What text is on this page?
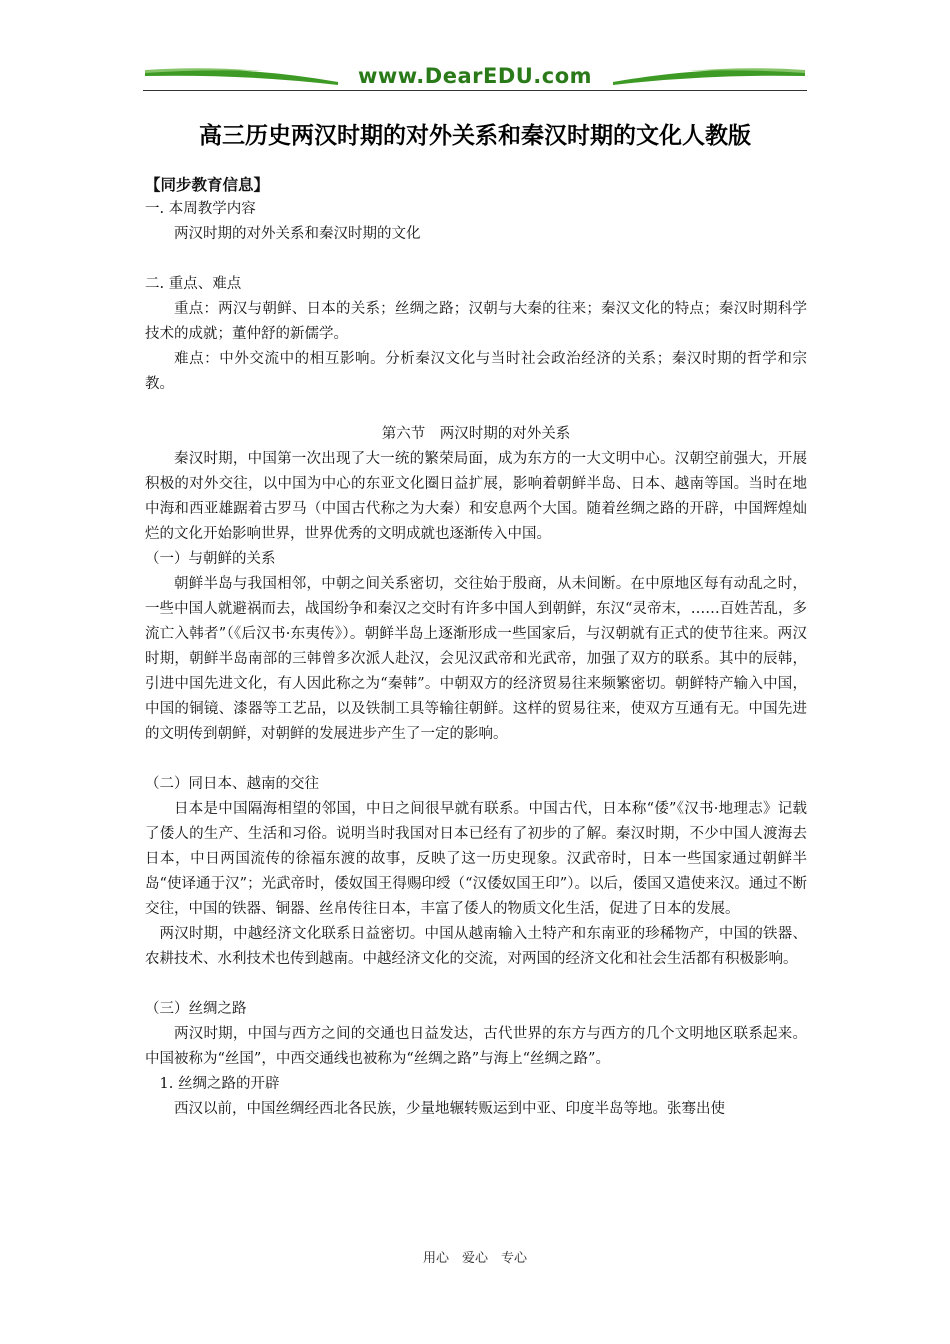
www.DearEDU.com
高三历史两汉时期的对外关系和秦汉时期的文化人教版

【同步教育信息】

一. 本周教学内容

两汉时期的对外关系和秦汉时期的文化

二. 重点、难点

重点：两汉与朝鲜、日本的关系；丝绸之路；汉朝与大秦的往来；秦汉文化的特点；秦汉时期科学技术的成就；董仲舒的新儒学。

难点：中外交流中的相互影响。分析秦汉文化与当时社会政治经济的关系；秦汉时期的哲学和宗教。

第六节　两汉时期的对外关系

秦汉时期，中国第一次出现了大一统的繁荣局面，成为东方的一大文明中心。汉朝空前强大，开展积极的对外交往，以中国为中心的东亚文化圈日益扩展，影响着朝鲜半岛、日本、越南等国。当时在地中海和西亚雄踞着古罗马（中国古代称之为大秦）和安息两个大国。随着丝绸之路的开辟，中国辉煌灿烂的文化开始影响世界，世界优秀的文明成就也逐渐传入中国。

（一）与朝鲜的关系

朝鲜半岛与我国相邻，中朝之间关系密切，交往始于殷商，从未间断。在中原地区每有动乱之时，一些中国人就避祸而去，战国纷争和秦汉之交时有许多中国人到朝鲜，东汉“灵帝末，……百姓苦乱，多流亡入韩者”（《后汉书·东夷传》）。朝鲜半岛上逐渐形成一些国家后，与汉朝就有正式的使节往来。两汉时期，朝鲜半岛南部的三韩曾多次派人赴汉，会见汉武帝和光武帝，加强了双方的联系。其中的辰韩，引进中国先进文化，有人因此称之为“秦韩”。中朝双方的经济贸易往来频繁密切。朝鲜特产输入中国，中国的铜镜、漆器等工艺品，以及铁制工具等输往朝鲜。这样的贸易往来，使双方互通有无。中国先进的文明传到朝鲜，对朝鲜的发展进步产生了一定的影响。

（二）同日本、越南的交往

日本是中国隔海相望的邻国，中日之间很早就有联系。中国古代，日本称“倭”《汉书·地理志》记载了倭人的生产、生活和习俗。说明当时我国对日本已经有了初步的了解。秦汉时期，不少中国人渡海去日本，中日两国流传的徐福东渡的故事，反映了这一历史现象。汉武帝时，日本一些国家通过朝鲜半岛“使译通于汉”；光武帝时，倭奴国王得赐印绶（“汉倭奴国王印”）。以后，倭国又遣使来汉。通过不断交往，中国的铁器、铜器、丝帛传往日本，丰富了倭人的物质文化生活，促进了日本的发展。

两汉时期，中越经济文化联系日益密切。中国从越南输入土特产和东南亚的珍稀物产，中国的铁器、农耕技术、水利技术也传到越南。中越经济文化的交流，对两国的经济文化和社会生活都有积极影响。

（三）丝绸之路

两汉时期，中国与西方之间的交通也日益发达，古代世界的东方与西方的几个文明地区联系起来。中国被称为“丝国”，中西交通线也被称为“丝绸之路”与海上“丝绸之路”。

1. 丝绸之路的开辟

西汉以前，中国丝绸经西北各民族，少量地辗转贩运到中亚、印度半岛等地。张骞出使

用心　爱心　专心
